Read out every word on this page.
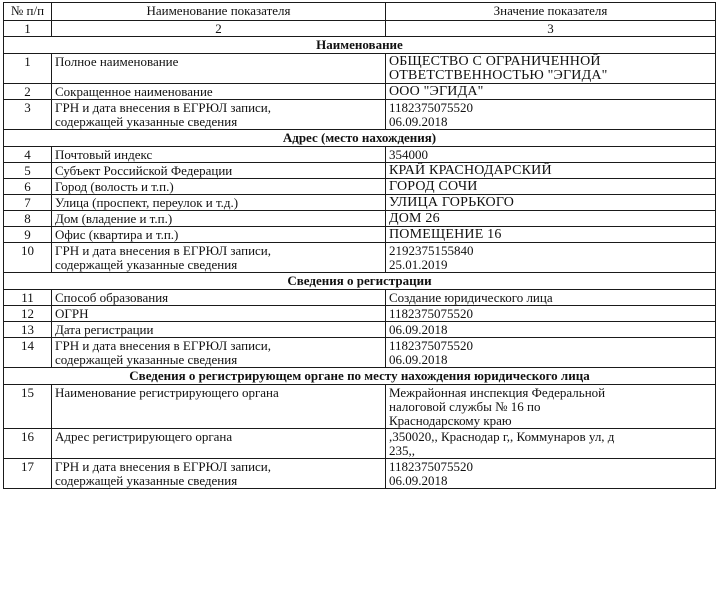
№ п/п	Наименование показателя	Значение показателя
1	2	3
Наименование		
1	Полное наименование	ОБЩЕСТВО С ОГРАНИЧЕННОЙ
ОТВЕТСТВЕННОСТЬЮ "ЭГИДА"

2	Сокращенное наименование	ООО "ЭГИДА"

3	ГРН и дата внесения в ЕГРЮЛ записи,
содержащей указанные сведения	1182375075520
06.09.2018

Адрес (место нахождения)		
4	Почтовый индекс	354000

5	Субъект Российской Федерации	КРАЙ КРАСНОДАРСКИЙ

6	Город (волость и т.п.)	ГОРОД СОЧИ

7	Улица (проспект, переулок и т.д.)	УЛИЦА ГОРЬКОГО

8	Дом (владение и т.п.)	ДОМ 26

9	Офис (квартира и т.п.)	ПОМЕЩЕНИЕ 16

10	ГРН и дата внесения в ЕГРЮЛ записи,
содержащей указанные сведения	2192375155840
25.01.2019

Сведения о регистрации		
11	Способ образования	Создание юридического лица

12	ОГРН	1182375075520

13	Дата регистрации	06.09.2018

14	ГРН и дата внесения в ЕГРЮЛ записи,
содержащей указанные сведения	1182375075520
06.09.2018

Сведения о регистрирующем органе по месту нахождения юридического лица		
15	Наименование регистрирующего органа	Межрайонная инспекция Федеральной
налоговой службы № 16 по
Краснодарскому краю

16	Адрес регистрирующего органа	,350020,, Краснодар г,, Коммунаров ул, д
235,,

17	ГРН и дата внесения в ЕГРЮЛ записи,
содержащей указанные сведения	1182375075520
06.09.2018
